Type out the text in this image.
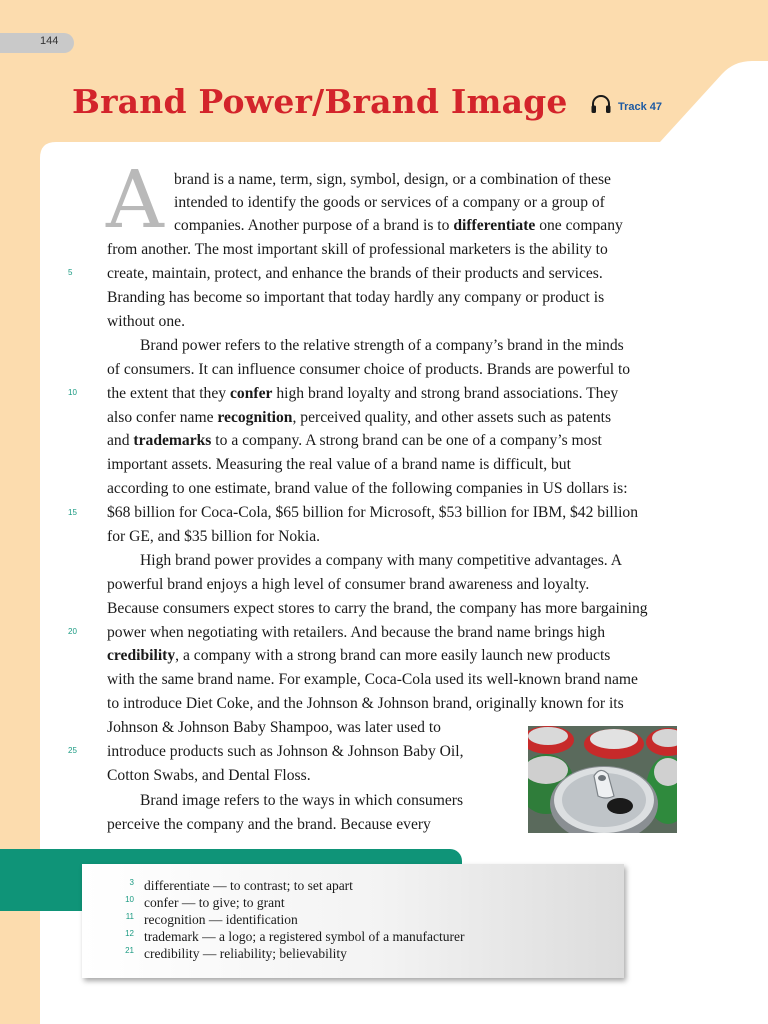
144
Brand Power/Brand Image	Track 47
A brand is a name, term, sign, symbol, design, or a combination of these
intended to identify the goods or services of a company or a group of
companies. Another purpose of a brand is to differentiate one company
from another. The most important skill of professional marketers is the ability to
create, maintain, protect, and enhance the brands of their products and services.
Branding has become so important that today hardly any company or product is
without one.
Brand power refers to the relative strength of a company’s brand in the minds
of consumers. It can influence consumer choice of products. Brands are powerful to
the extent that they confer high brand loyalty and strong brand associations. They
also confer name recognition, perceived quality, and other assets such as patents
and trademarks to a company. A strong brand can be one of a company’s most
important assets. Measuring the real value of a brand name is difficult, but
according to one estimate, brand value of the following companies in US dollars is:
$68 billion for Coca-Cola, $65 billion for Microsoft, $53 billion for IBM, $42 billion
for GE, and $35 billion for Nokia.
High brand power provides a company with many competitive advantages. A
powerful brand enjoys a high level of consumer brand awareness and loyalty.
Because consumers expect stores to carry the brand, the company has more bargaining
power when negotiating with retailers. And because the brand name brings high
credibility, a company with a strong brand can more easily launch new products
with the same brand name. For example, Coca-Cola used its well-known brand name
to introduce Diet Coke, and the Johnson & Johnson brand, originally known for its
Johnson & Johnson Baby Shampoo, was later used to
introduce products such as Johnson & Johnson Baby Oil,
Cotton Swabs, and Dental Floss.
Brand image refers to the ways in which consumers
perceive the company and the brand. Because every
5
10
15
20
25
3 differentiate — to contrast; to set apart
10 confer — to give; to grant
11 recognition — identification
12 trademark — a logo; a registered symbol of a manufacturer
21 credibility — reliability; believability
